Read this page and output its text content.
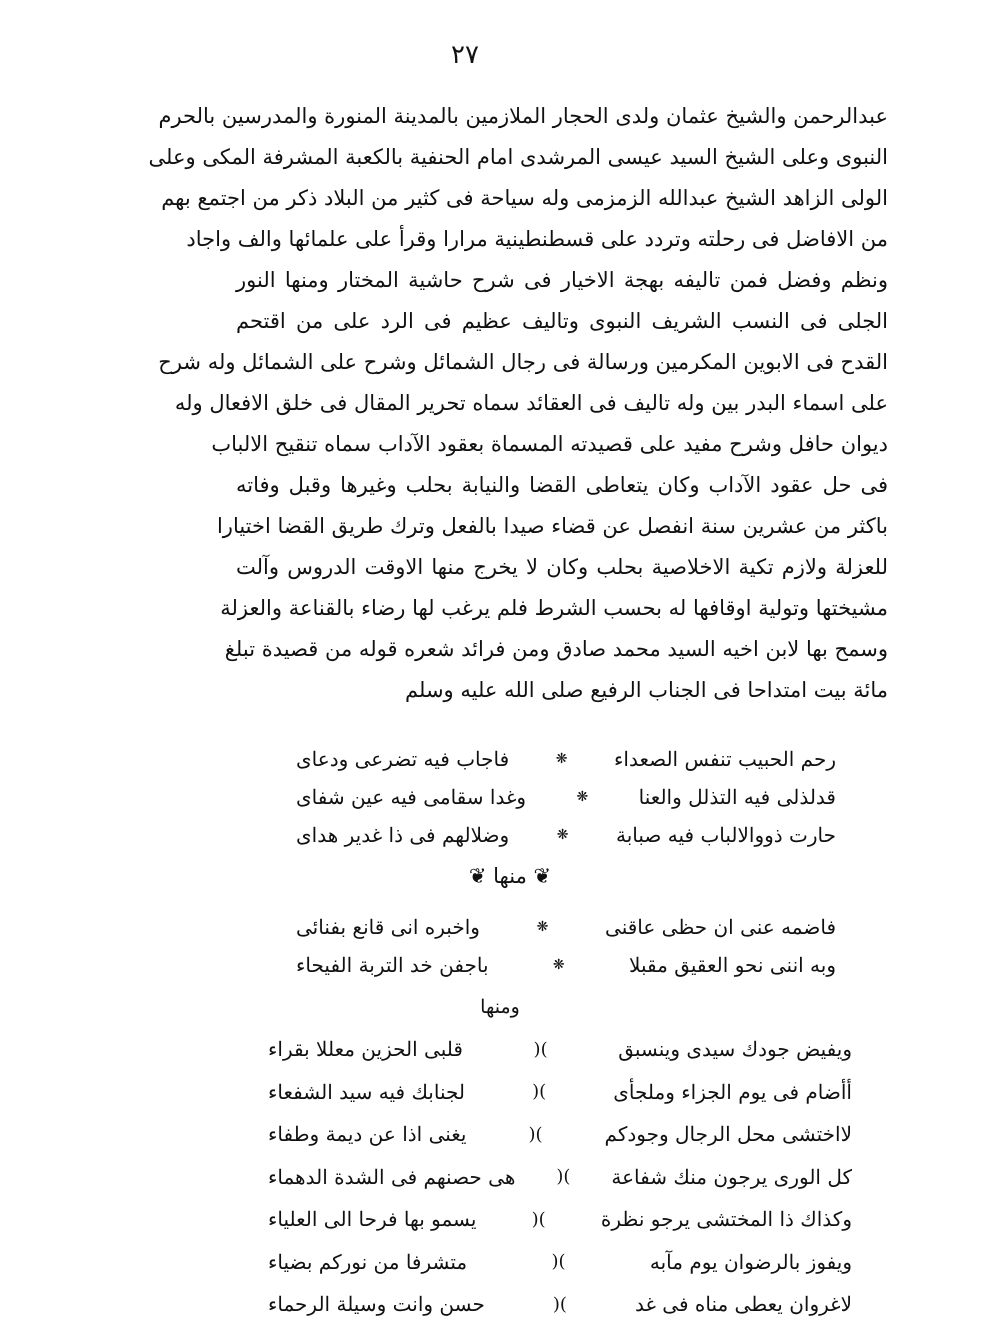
٢٧
عبدالرحمن والشيخ عثمان ولدى الحجار الملازمين بالمدينة المنورة والمدرسين بالحرم
النبوى وعلى الشيخ السيد عيسى المرشدى امام الحنفية بالكعبة المشرفة المكى وعلى
الولى الزاهد الشيخ عبدالله الزمزمى وله سياحة فى كثير من البلاد ذكر من اجتمع بهم
من الافاضل فى رحلته وتردد على قسطنطينية مرارا وقرأ على علمائها والف واجاد
ونظم وفضل فمن تاليفه بهجة الاخيار فى شرح حاشية المختار ومنها النور
الجلى فى النسب الشريف النبوى وتاليف عظيم فى الرد على من اقتحم
القدح فى الابوين المكرمين ورسالة فى رجال الشمائل وشرح على الشمائل وله شرح
على اسماء البدر بين وله تاليف فى العقائد سماه تحرير المقال فى خلق الافعال وله
ديوان حافل وشرح مفيد على قصيدته المسماة بعقود الآداب سماه تنقيح الالباب
فى حل عقود الآداب وكان يتعاطى القضا والنيابة بحلب وغيرها وقبل وفاته
باكثر من عشرين سنة انفصل عن قضاء صيدا بالفعل وترك طريق القضا اختيارا
للعزلة ولازم تكية الاخلاصية بحلب وكان لا يخرج منها الاوقت الدروس وآلت
مشيختها وتولية اوقافها له بحسب الشرط فلم يرغب لها رضاء بالقناعة والعزلة
وسمح بها لابن اخيه السيد محمد صادق ومن فرائد شعره قوله من قصيدة تبلغ
مائة بيت امتداحا فى الجناب الرفيع صلى الله عليه وسلم
رحم الحبيب تنفس الصعداء
❋
فاجاب فيه تضرعى ودعاى
قدلذلى فيه التذلل والعنا
❋
وغدا سقامى فيه عين شفاى
حارت ذووالالباب فيه صبابة
❋
وضلالهم فى ذا غدير هداى
❦ منها ❦
فاضمه عنى ان حظى عاقنى
❋
واخبره انى قانع بفنائى
وبه اننى نحو العقيق مقبلا
❋
باجفن خد التربة الفيحاء
ومنها
ويفيض جودك سيدى وينسبق
)(
قلبى الحزين معللا بقراء
أأضام فى يوم الجزاء وملجأى
)(
لجنابك فيه سيد الشفعاء
لااختشى محل الرجال وجودكم
)(
يغنى اذا عن ديمة وطفاء
كل الورى يرجون منك شفاعة
)(
هى حصنهم فى الشدة الدهماء
وكذاك ذا المختشى يرجو نظرة
)(
يسمو بها فرحا الى العلياء
ويفوز بالرضوان يوم مآبه
)(
متشرفا من نوركم بضياء
لاغروان يعطى مناه فى غد
)(
حسن وانت وسيلة الرحماء
